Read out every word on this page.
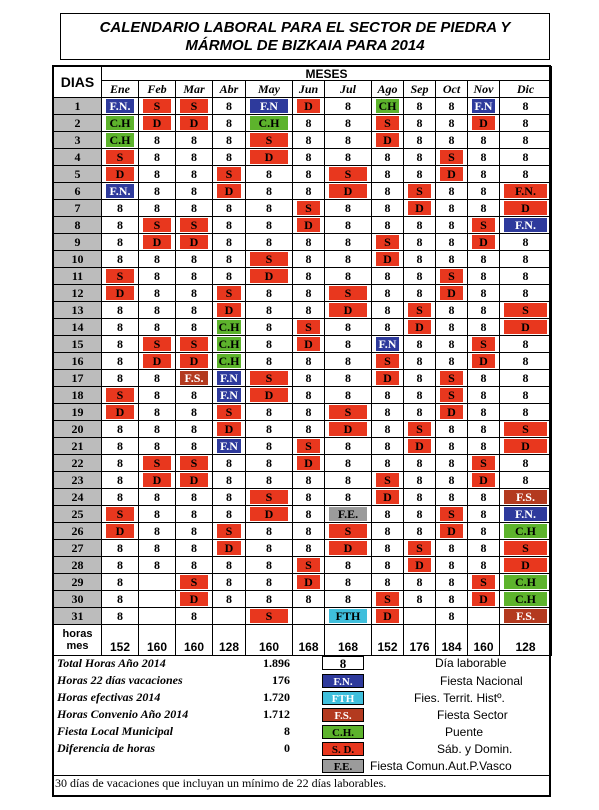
CALENDARIO LABORAL PARA EL SECTOR DE PIEDRA Y
MÁRMOL DE BIZKAIA PARA 2014
DIAS	MESES											
	Ene	Feb	Mar	Abr	May	Jun	Jul	Ago	Sep	Oct	Nov	Dic
1	F.N.	S	S	8	F.N	D	8	CH	8	8	F.N	8

2	C.H	D	D	8	C.H	8	8	S	8	8	D	8

3	C.H	8	8	8	S	8	8	D	8	8	8	8

4	S	8	8	8	D	8	8	8	8	S	8	8

5	D	8	8	S	8	8	S	8	8	D	8	8

6	F.N.	8	8	D	8	8	D	8	S	8	8	F.N.

7	8	8	8	8	8	S	8	8	D	8	8	D

8	8	S	S	8	8	D	8	8	8	8	S	F.N.

9	8	D	D	8	8	8	8	S	8	8	D	8

10	8	8	8	8	S	8	8	D	8	8	8	8

11	S	8	8	8	D	8	8	8	8	S	8	8

12	D	8	8	S	8	8	S	8	8	D	8	8

13	8	8	8	D	8	8	D	8	S	8	8	S

14	8	8	8	C.H	8	S	8	8	D	8	8	D

15	8	S	S	C.H	8	D	8	F.N	8	8	S	8

16	8	D	D	C.H	8	8	8	S	8	8	D	8

17	8	8	F.S.	F.N	S	8	8	D	8	S	8	8

18	S	8	8	F.N	D	8	8	8	8	S	8	8

19	D	8	8	S	8	8	S	8	8	D	8	8

20	8	8	8	D	8	8	D	8	S	8	8	S

21	8	8	8	F.N	8	S	8	8	D	8	8	D

22	8	S	S	8	8	D	8	8	8	8	S	8

23	8	D	D	8	8	8	8	S	8	8	D	8

24	8	8	8	8	S	8	8	D	8	8	8	F.S.

25	S	8	8	8	D	8	F.E.	8	8	S	8	F.N.

26	D	8	8	S	8	8	S	8	8	D	8	C.H

27	8	8	8	D	8	8	D	8	S	8	8	S

28	8	8	8	8	8	S	8	8	D	8	8	D

29	8		S	8	8	D	8	8	8	8	S	C.H

30	8		D	8	8	8	8	S	8	8	D	C.H

31	8		8		S		FTH	D		8		F.S.

horas
mes	152	160	160	128	160	168	168	152	176	184	160	128
Total Horas Año 2014	1.896
Horas 22 días vacaciones	176
Horas efectivas 2014	1.720
Horas Convenio Año 2014	1.712
Fiesta Local Municipal	8
Diferencia de horas	0
8	Día laborable
F.N.	Fiesta Nacional
FTH	Fies. Territ. Histº.
F.S.	Fiesta Sector
C.H.	Puente
S. D.	Sáb. y Domin.
F.E.	Fiesta Comun.Aut.P.Vasco
30 días de vacaciones que incluyan un mínimo de 22 días laborables.
